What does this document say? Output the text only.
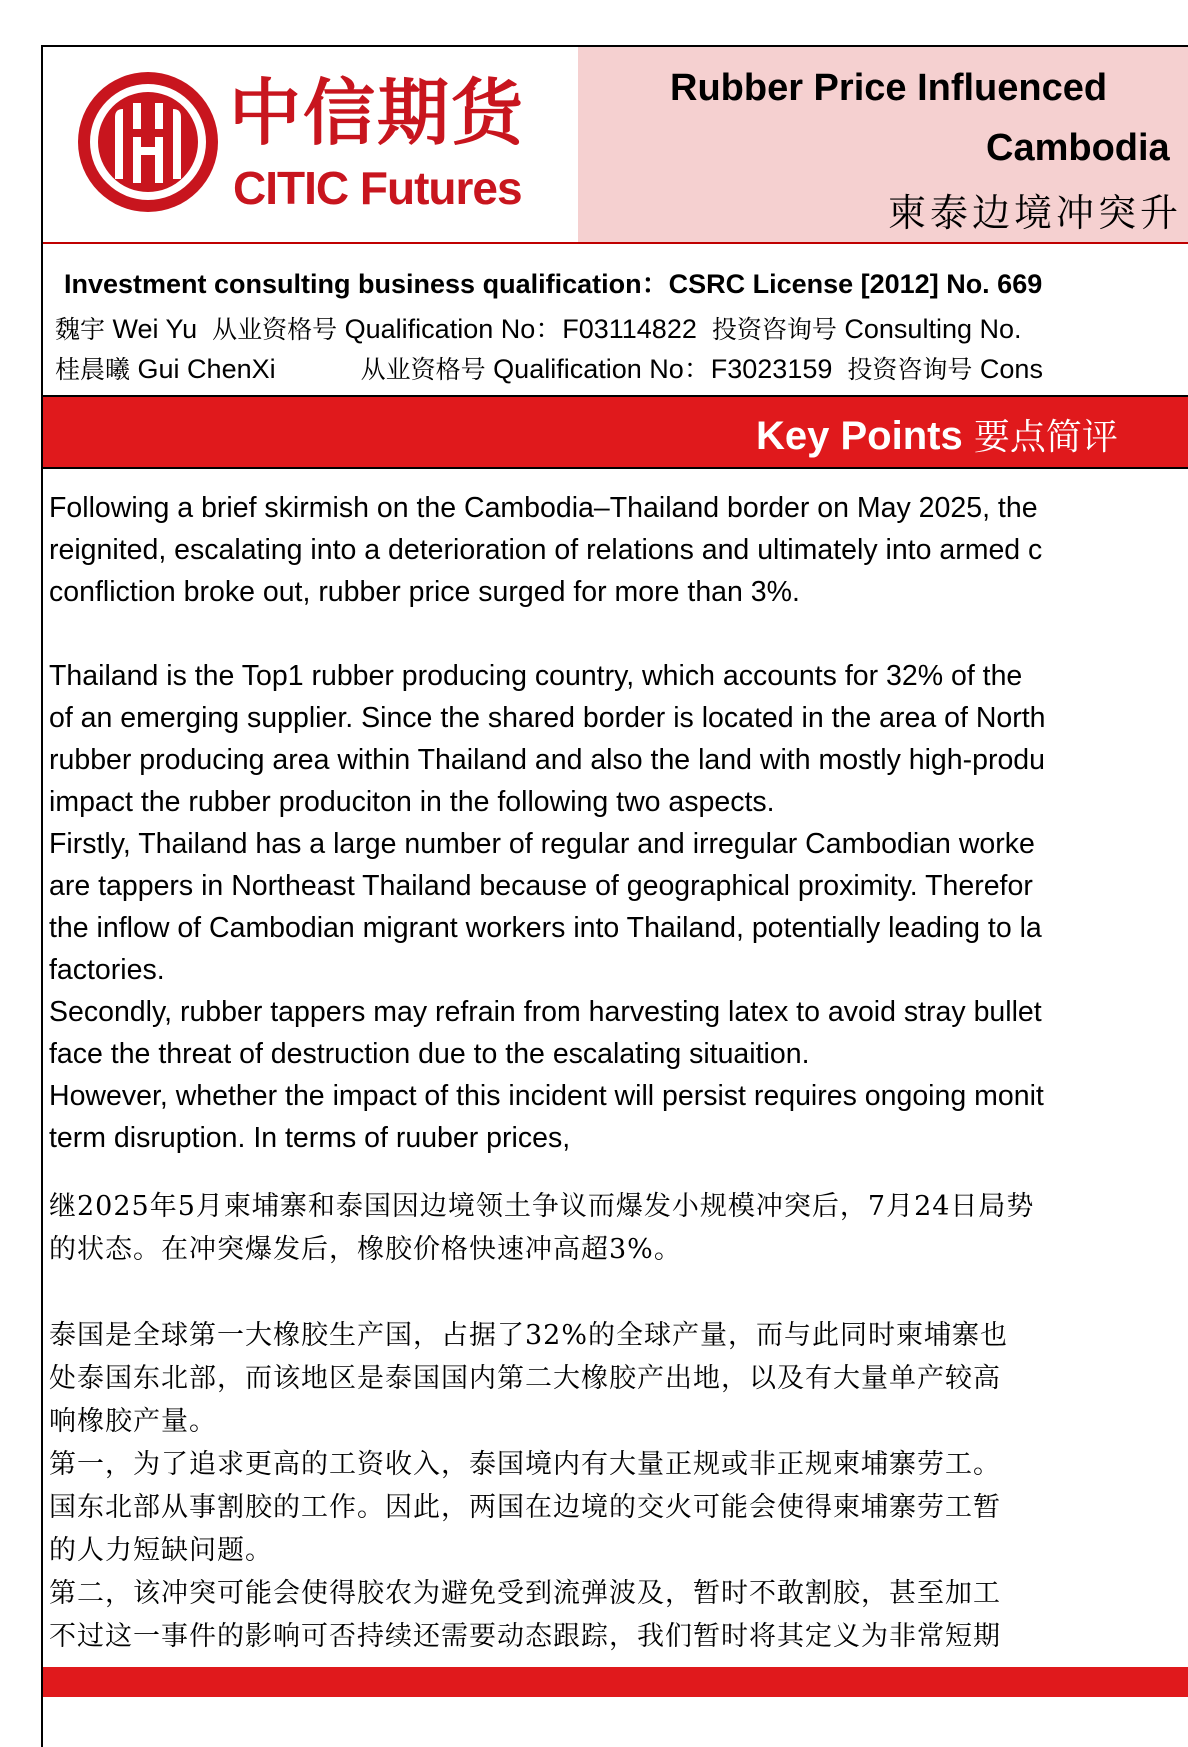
中信期货
CITIC Futures
Rubber Price Influenced
Cambodia
柬泰边境冲突升
Investment consulting business qualification：CSRC License [2012] No. 669
魏宇 Wei Yu 从业资格号 Qualification No：F03114822 投资咨询号 Consulting No.
桂晨曦 Gui ChenXi	从业资格号 Qualification No：F3023159 投资咨询号 Cons
Key Points 要点简评
Following a brief skirmish on the Cambodia–Thailand border on May 2025, the
reignited, escalating into a deterioration of relations and ultimately into armed c
confliction broke out, rubber price surged for more than 3%.
Thailand is the Top1 rubber producing country, which accounts for 32% of the
of an emerging supplier. Since the shared border is located in the area of North
rubber producing area within Thailand and also the land with mostly high-produ
impact the rubber produciton in the following two aspects.
Firstly, Thailand has a large number of regular and irregular Cambodian worke
are tappers in Northeast Thailand because of geographical proximity. Therefor
the inflow of Cambodian migrant workers into Thailand, potentially leading to la
factories.
Secondly, rubber tappers may refrain from harvesting latex to avoid stray bullet
face the threat of destruction due to the escalating situaition.
However, whether the impact of this incident will persist requires ongoing monit
term disruption. In terms of ruuber prices,
继2025年5月柬埔寨和泰国因边境领土争议而爆发小规模冲突后，7月24日局势
的状态。在冲突爆发后，橡胶价格快速冲高超3%。
泰国是全球第一大橡胶生产国，占据了32%的全球产量，而与此同时柬埔寨也
处泰国东北部，而该地区是泰国国内第二大橡胶产出地，以及有大量单产较高
响橡胶产量。
第一，为了追求更高的工资收入，泰国境内有大量正规或非正规柬埔寨劳工。
国东北部从事割胶的工作。因此，两国在边境的交火可能会使得柬埔寨劳工暂
的人力短缺问题。
第二，该冲突可能会使得胶农为避免受到流弹波及，暂时不敢割胶，甚至加工
不过这一事件的影响可否持续还需要动态跟踪，我们暂时将其定义为非常短期
